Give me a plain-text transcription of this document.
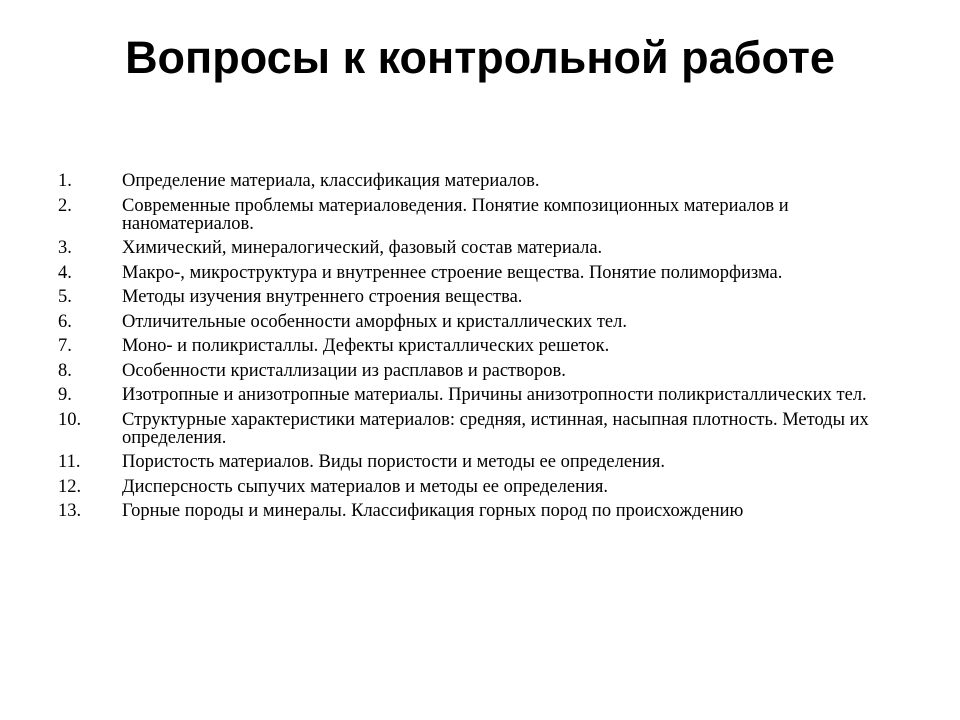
Вопросы к контрольной работе
1.	Определение материала, классификация материалов.
2.	Современные проблемы материаловедения. Понятие композиционных материалов и наноматериалов.
3.	Химический, минералогический, фазовый состав материала.
4.	Макро-, микроструктура и внутреннее строение вещества. Понятие полиморфизма.
5.	Методы изучения внутреннего строения вещества.
6.	Отличительные особенности аморфных и кристаллических тел.
7.	Моно- и поликристаллы. Дефекты кристаллических решеток.
8.	Особенности кристаллизации из расплавов и растворов.
9.	Изотропные и анизотропные материалы. Причины анизотропности поликристаллических тел.
10.	Структурные характеристики материалов: средняя, истинная, насыпная плотность. Методы их определения.
11.	Пористость материалов. Виды пористости и методы ее определения.
12.	Дисперсность сыпучих материалов и методы ее определения.
13.	Горные породы и минералы. Классификация горных пород по происхождению
